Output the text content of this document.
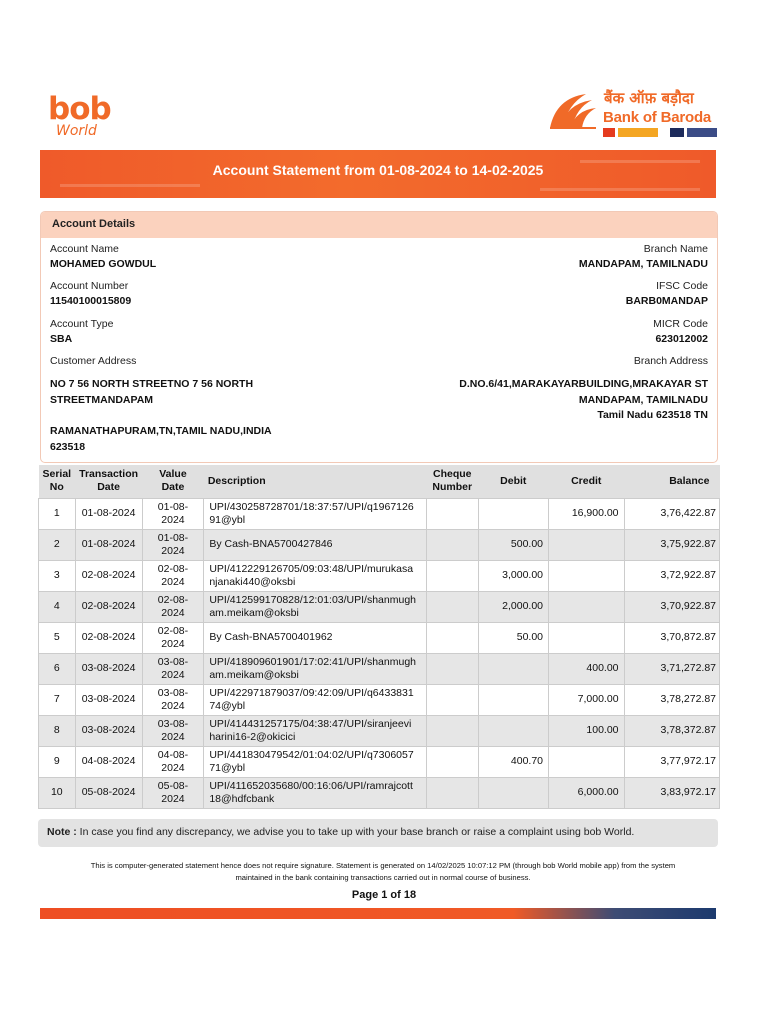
bob
World
बैंक ऑफ़ बड़ौदा
Bank of Baroda
Account Statement from 01-08-2024 to 14-02-2025
Account Details
Account Name
MOHAMED GOWDUL
Account Number
11540100015809
Account Type
SBA
Customer Address
NO 7 56 NORTH STREETNO 7 56 NORTH
STREETMANDAPAM
RAMANATHAPURAM,TN,TAMIL NADU,INDIA
623518
Branch Name
MANDAPAM, TAMILNADU
IFSC Code
BARB0MANDAP
MICR Code
623012002
Branch Address
D.NO.6/41,MARAKAYARBUILDING,MRAKAYAR ST
MANDAPAM, TAMILNADU
Tamil Nadu 623518 TN
Serial
No	Transaction
Date	Value
Date	Description	Cheque
Number	Debit	Credit	Balance
1	01-08-2024	01-08-2024	UPI/430258728701/18:37:57/UPI/q1967126
91@ybl			16,900.00	3,76,422.87
2	01-08-2024	01-08-2024	By Cash-BNA5700427846		500.00		3,75,922.87
3	02-08-2024	02-08-2024	UPI/412229126705/09:03:48/UPI/murukasa
njanaki440@oksbi		3,000.00		3,72,922.87
4	02-08-2024	02-08-2024	UPI/412599170828/12:01:03/UPI/shanmugh
am.meikam@oksbi		2,000.00		3,70,922.87
5	02-08-2024	02-08-2024	By Cash-BNA5700401962		50.00		3,70,872.87
6	03-08-2024	03-08-2024	UPI/418909601901/17:02:41/UPI/shanmugh
am.meikam@oksbi			400.00	3,71,272.87
7	03-08-2024	03-08-2024	UPI/422971879037/09:42:09/UPI/q6433831
74@ybl			7,000.00	3,78,272.87
8	03-08-2024	03-08-2024	UPI/414431257175/04:38:47/UPI/siranjeevi
harini16-2@okicici			100.00	3,78,372.87
9	04-08-2024	04-08-2024	UPI/441830479542/01:04:02/UPI/q7306057
71@ybl		400.70		3,77,972.17
10	05-08-2024	05-08-2024	UPI/411652035680/00:16:06/UPI/ramrajcott
18@hdfcbank			6,000.00	3,83,972.17
Note : In case you find any discrepancy, we advise you to take up with your base branch or raise a complaint using bob World.
This is computer-generated statement hence does not require signature. Statement is generated on 14/02/2025 10:07:12 PM (through bob World mobile app) from the system
maintained in the bank containing transactions carried out in normal course of business.
Page 1 of 18
